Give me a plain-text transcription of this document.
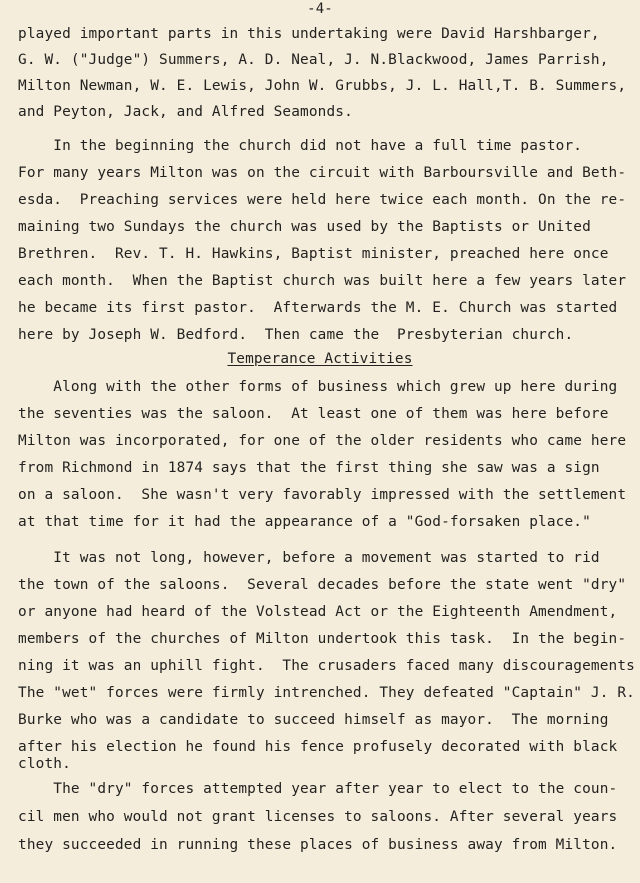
-4-
played important parts in this undertaking were David Harshbarger,
G. W. ("Judge") Summers, A. D. Neal, J. N.Blackwood, James Parrish,
Milton Newman, W. E. Lewis, John W. Grubbs, J. L. Hall,T. B. Summers,
and Peyton, Jack, and Alfred Seamonds.
In the beginning the church did not have a full time pastor.
For many years Milton was on the circuit with Barboursville and Beth-
esda.  Preaching services were held here twice each month. On the re-
maining two Sundays the church was used by the Baptists or United
Brethren.  Rev. T. H. Hawkins, Baptist minister, preached here once
each month.  When the Baptist church was built here a few years later
he became its first pastor.  Afterwards the M. E. Church was started
here by Joseph W. Bedford.  Then came the  Presbyterian church.
Temperance Activities
Along with the other forms of business which grew up here during
the seventies was the saloon.  At least one of them was here before
Milton was incorporated, for one of the older residents who came here
from Richmond in 1874 says that the first thing she saw was a sign
on a saloon.  She wasn't very favorably impressed with the settlement
at that time for it had the appearance of a "God-forsaken place."
It was not long, however, before a movement was started to rid
the town of the saloons.  Several decades before the state went "dry"
or anyone had heard of the Volstead Act or the Eighteenth Amendment,
members of the churches of Milton undertook this task.  In the begin-
ning it was an uphill fight.  The crusaders faced many discouragements
The "wet" forces were firmly intrenched. They defeated "Captain" J. R.
Burke who was a candidate to succeed himself as mayor.  The morning
after his election he found his fence profusely decorated with black
cloth.
The "dry" forces attempted year after year to elect to the coun-
cil men who would not grant licenses to saloons. After several years
they succeeded in running these places of business away from Milton.
